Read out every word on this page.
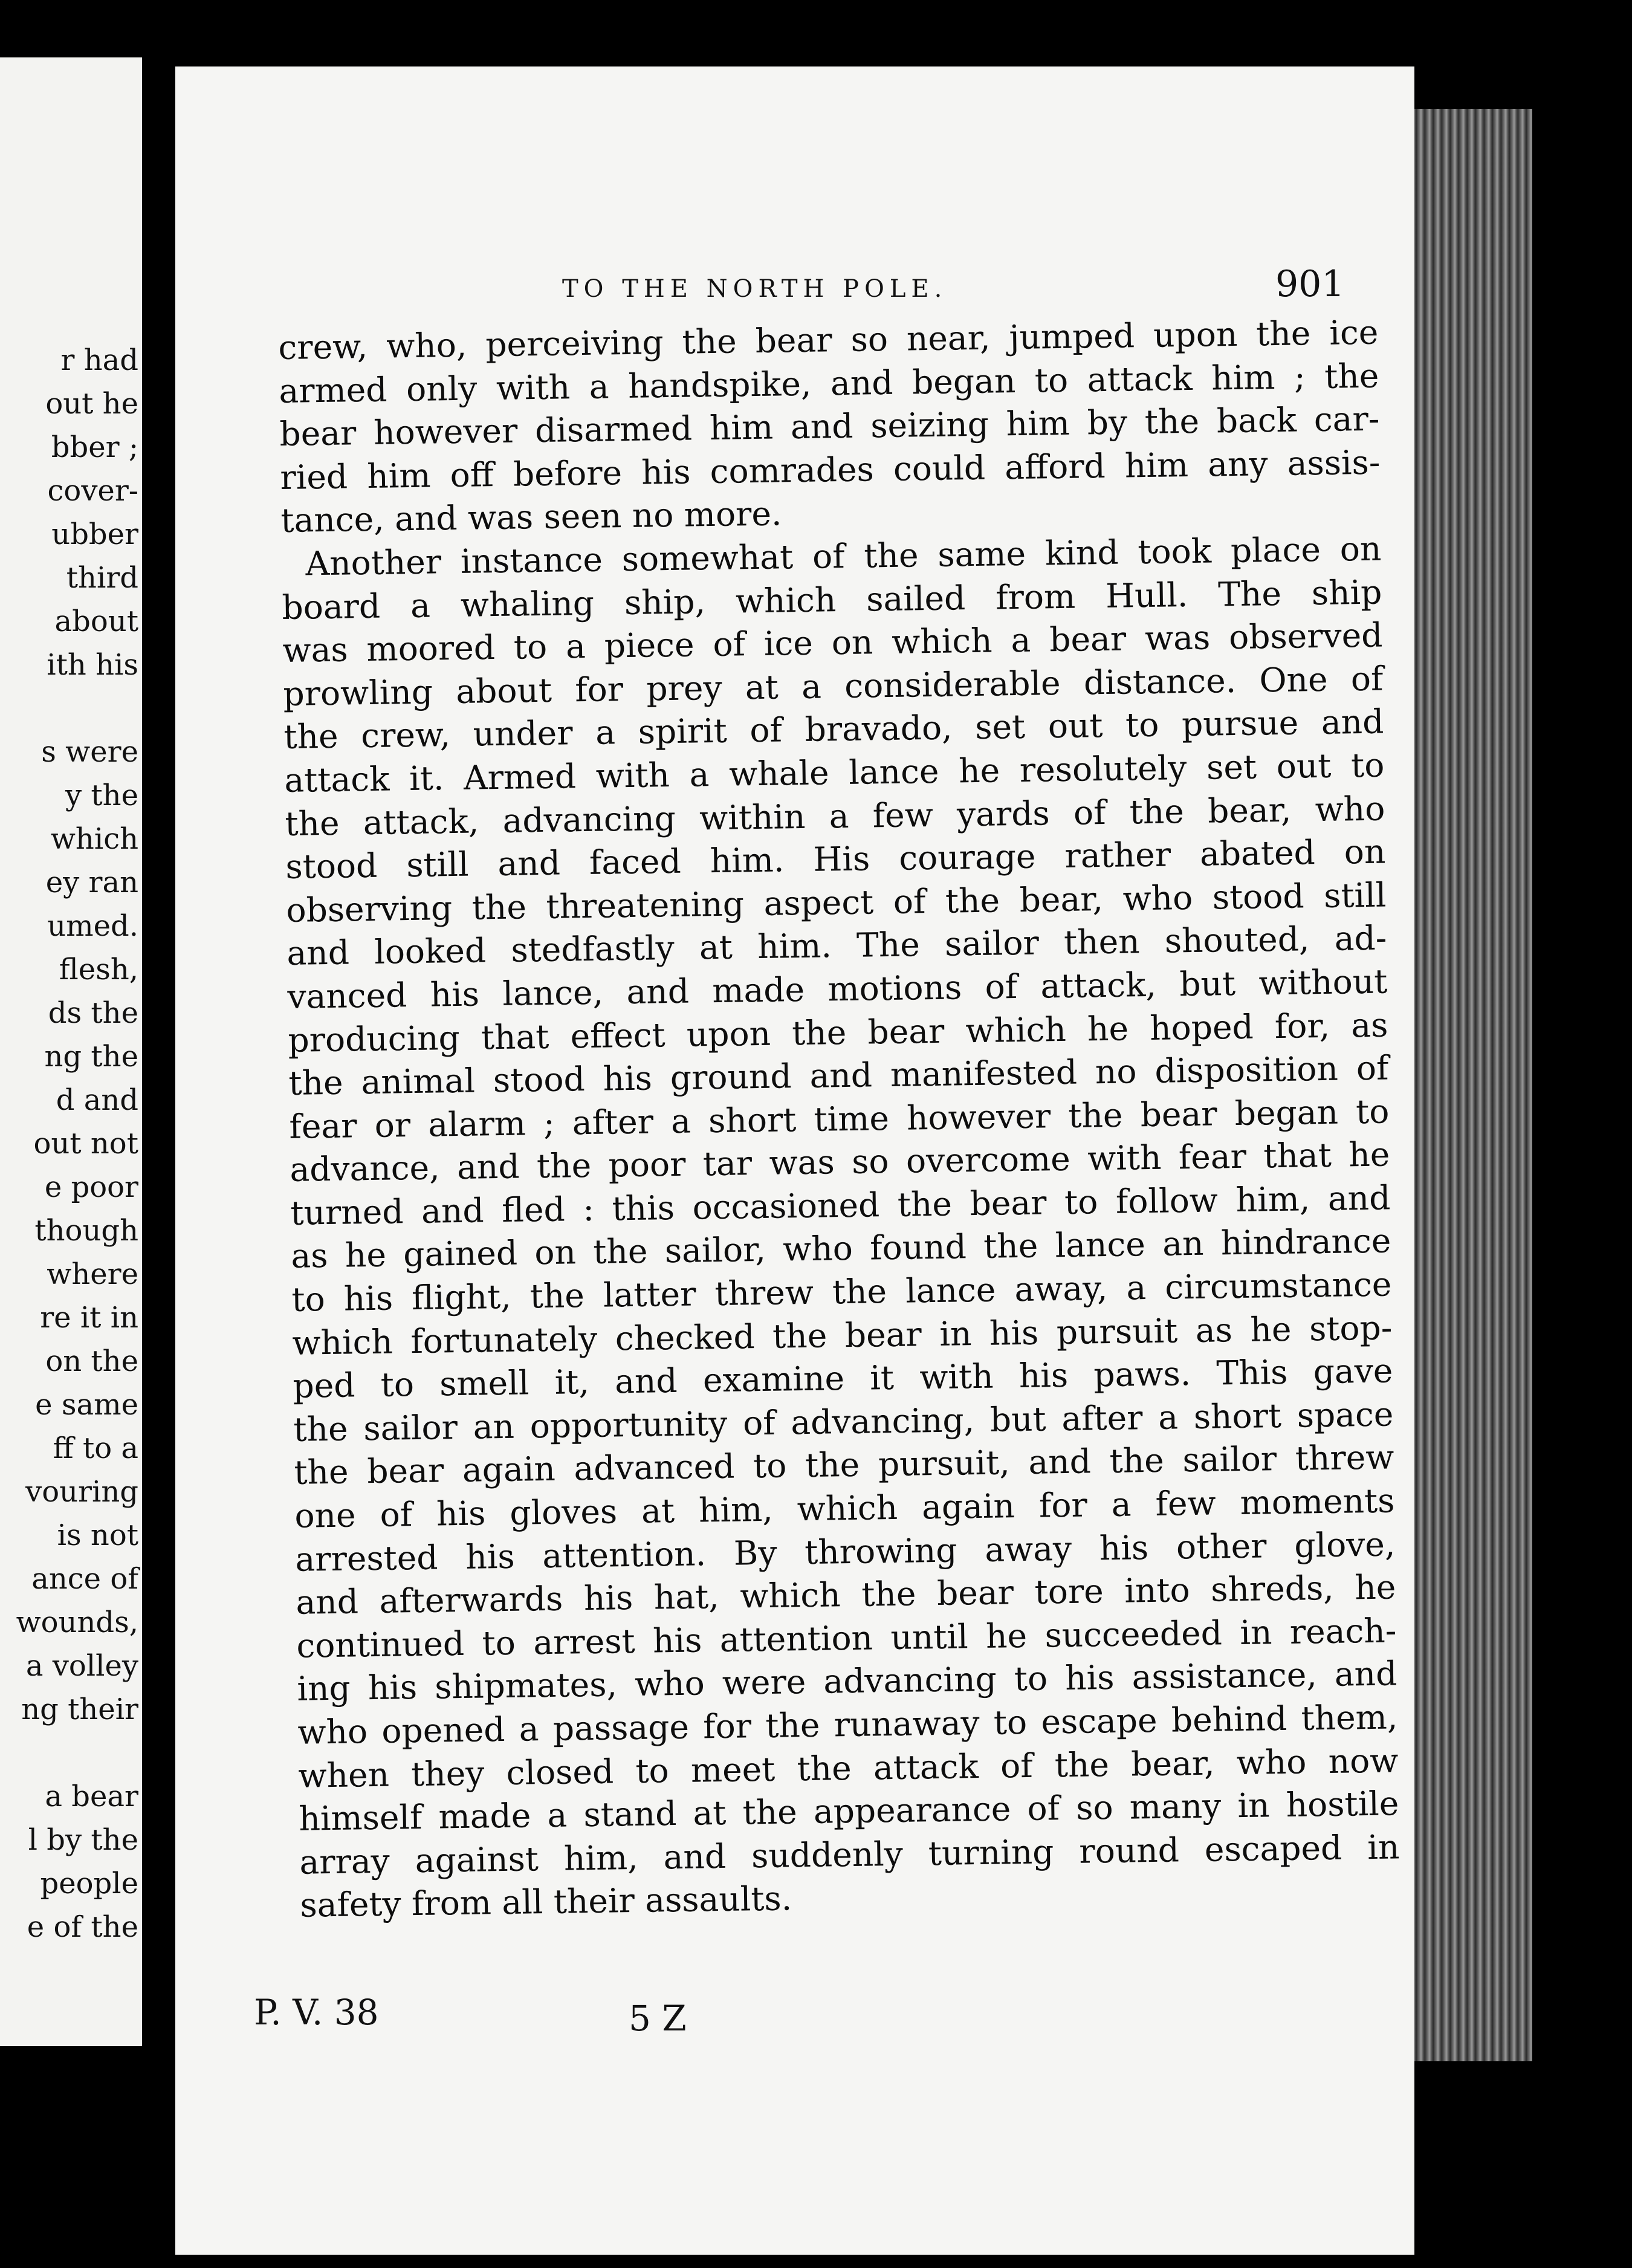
r had
out he
bber ;
cover-
ubber
third
about
ith his
s were
y the
which
ey ran
umed.
flesh,
ds the
ng the
d and
out not
e poor
though
where
re it in
on the
e same
ff to a
vouring
is not
ance of
wounds,
a volley
ng their
a bear
l by the
people
e of the
TO THE NORTH POLE.	901
crew, who, perceiving the bear so near, jumped upon the ice
armed only with a handspike, and began to attack him ; the
bear however disarmed him and seizing him by the back car-
ried him off before his comrades could afford him any assis-
tance, and was seen no more.
Another instance somewhat of the same kind took place on
board a whaling ship, which sailed from Hull. The ship
was moored to a piece of ice on which a bear was observed
prowling about for prey at a considerable distance. One of
the crew, under a spirit of bravado, set out to pursue and
attack it. Armed with a whale lance he resolutely set out to
the attack, advancing within a few yards of the bear, who
stood still and faced him. His courage rather abated on
observing the threatening aspect of the bear, who stood still
and looked stedfastly at him. The sailor then shouted, ad-
vanced his lance, and made motions of attack, but without
producing that effect upon the bear which he hoped for, as
the animal stood his ground and manifested no disposition of
fear or alarm ; after a short time however the bear began to
advance, and the poor tar was so overcome with fear that he
turned and fled : this occasioned the bear to follow him, and
as he gained on the sailor, who found the lance an hindrance
to his flight, the latter threw the lance away, a circumstance
which fortunately checked the bear in his pursuit as he stop-
ped to smell it, and examine it with his paws. This gave
the sailor an opportunity of advancing, but after a short space
the bear again advanced to the pursuit, and the sailor threw
one of his gloves at him, which again for a few moments
arrested his attention. By throwing away his other glove,
and afterwards his hat, which the bear tore into shreds, he
continued to arrest his attention until he succeeded in reach-
ing his shipmates, who were advancing to his assistance, and
who opened a passage for the runaway to escape behind them,
when they closed to meet the attack of the bear, who now
himself made a stand at the appearance of so many in hostile
array against him, and suddenly turning round escaped in
safety from all their assaults.
P. V. 38	5 Z
